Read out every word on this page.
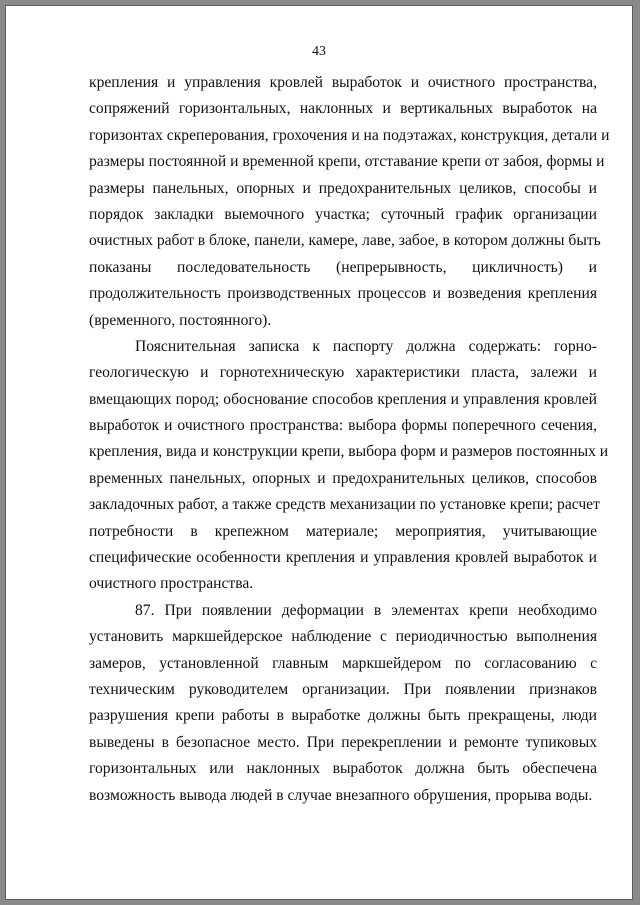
43
крепления и управления кровлей выработок и очистного пространства,
сопряжений горизонтальных, наклонных и вертикальных выработок на
горизонтах скреперования, грохочения и на подэтажах, конструкция, детали и
размеры постоянной и временной крепи, отставание крепи от забоя, формы и
размеры панельных, опорных и предохранительных целиков, способы и
порядок закладки выемочного участка; суточный график организации
очистных работ в блоке, панели, камере, лаве, забое, в котором должны быть
показаны последовательность (непрерывность, цикличность) и
продолжительность производственных процессов и возведения крепления
(временного, постоянного).
Пояснительная записка к паспорту должна содержать: горно-
геологическую и горнотехническую характеристики пласта, залежи и
вмещающих пород; обоснование способов крепления и управления кровлей
выработок и очистного пространства: выбора формы поперечного сечения,
крепления, вида и конструкции крепи, выбора форм и размеров постоянных и
временных панельных, опорных и предохранительных целиков, способов
закладочных работ, а также средств механизации по установке крепи; расчет
потребности в крепежном материале; мероприятия, учитывающие
специфические особенности крепления и управления кровлей выработок и
очистного пространства.
87. При появлении деформации в элементах крепи необходимо
установить маркшейдерское наблюдение с периодичностью выполнения
замеров, установленной главным маркшейдером по согласованию с
техническим руководителем организации. При появлении признаков
разрушения крепи работы в выработке должны быть прекращены, люди
выведены в безопасное место. При перекреплении и ремонте тупиковых
горизонтальных или наклонных выработок должна быть обеспечена
возможность вывода людей в случае внезапного обрушения, прорыва воды.
